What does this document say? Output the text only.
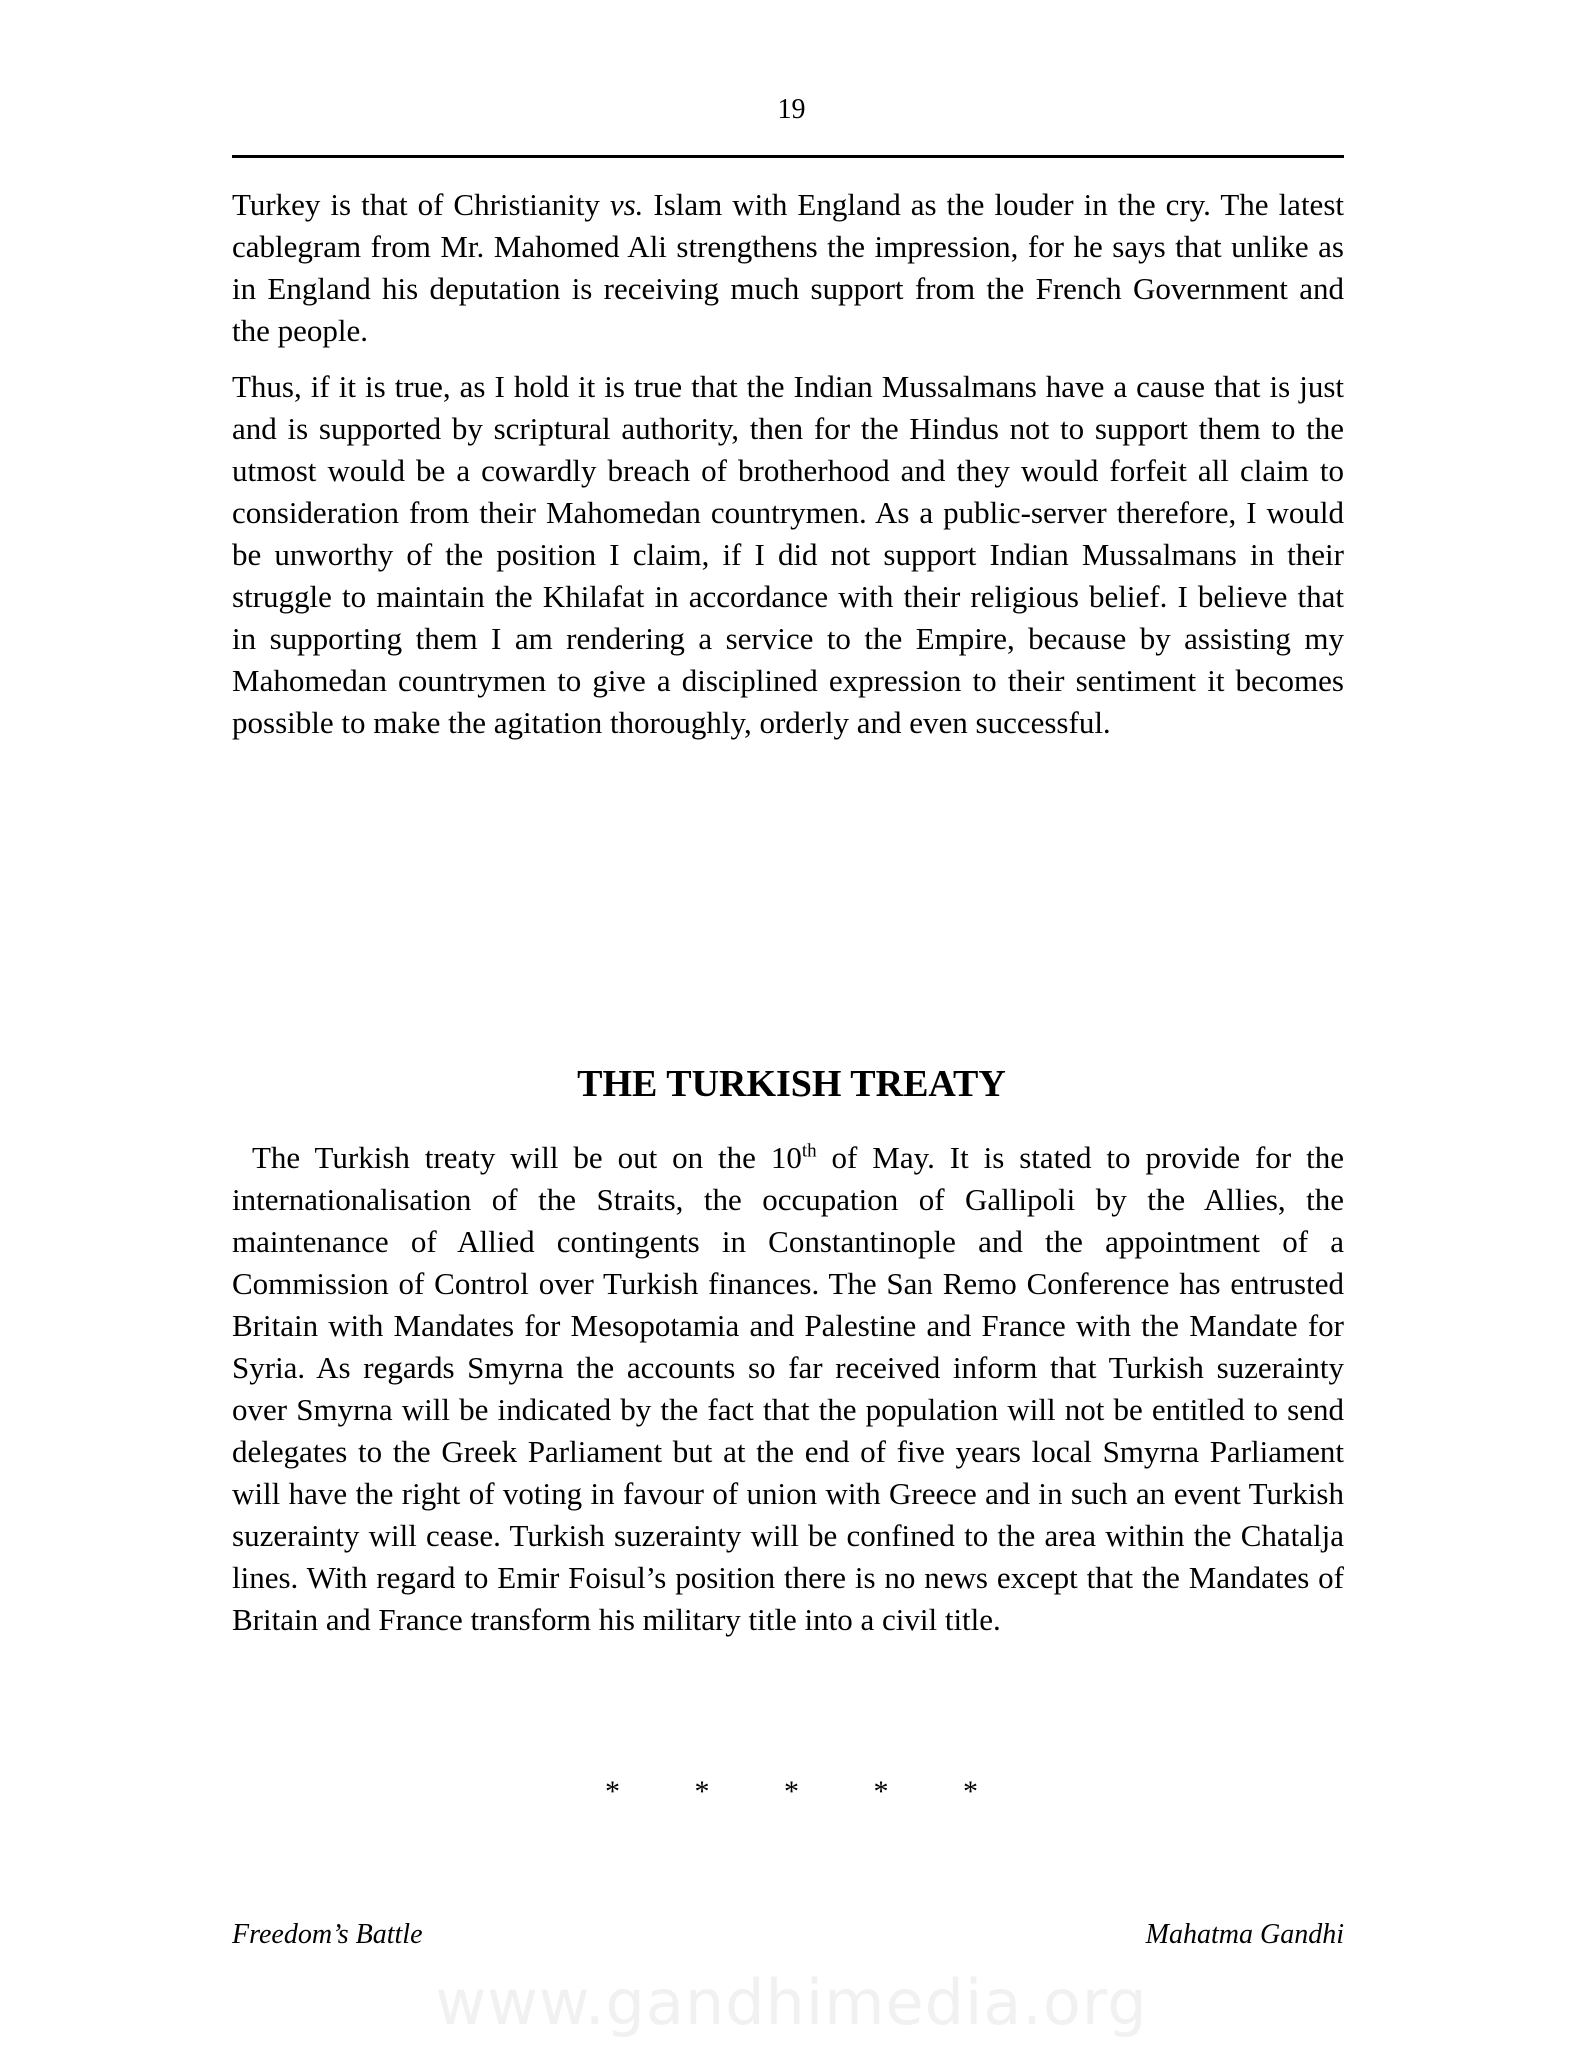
19

Turkey is that of Christianity vs. Islam with England as the louder in the cry. The latest cablegram from Mr. Mahomed Ali strengthens the impression, for he says that unlike as in England his deputation is receiving much support from the French Government and the people.

Thus, if it is true, as I hold it is true that the Indian Mussalmans have a cause that is just and is supported by scriptural authority, then for the Hindus not to support them to the utmost would be a cowardly breach of brotherhood and they would forfeit all claim to consideration from their Mahomedan countrymen. As a public-server therefore, I would be unworthy of the position I claim, if I did not support Indian Mussalmans in their struggle to maintain the Khilafat in accordance with their religious belief. I believe that in supporting them I am rendering a service to the Empire, because by assisting my Mahomedan countrymen to give a disciplined expression to their sentiment it becomes possible to make the agitation thoroughly, orderly and even successful.

THE TURKISH TREATY

The Turkish treaty will be out on the 10th of May. It is stated to provide for the internationalisation of the Straits, the occupation of Gallipoli by the Allies, the maintenance of Allied contingents in Constantinople and the appointment of a Commission of Control over Turkish finances. The San Remo Conference has entrusted Britain with Mandates for Mesopotamia and Palestine and France with the Mandate for Syria. As regards Smyrna the accounts so far received inform that Turkish suzerainty over Smyrna will be indicated by the fact that the population will not be entitled to send delegates to the Greek Parliament but at the end of five years local Smyrna Parliament will have the right of voting in favour of union with Greece and in such an event Turkish suzerainty will cease. Turkish suzerainty will be confined to the area within the Chatalja lines. With regard to Emir Foisul’s position there is no news except that the Mandates of Britain and France transform his military title into a civil title.

* * * * *
Freedom’s Battle	Mahatma Gandhi
www.gandhimedia.org
